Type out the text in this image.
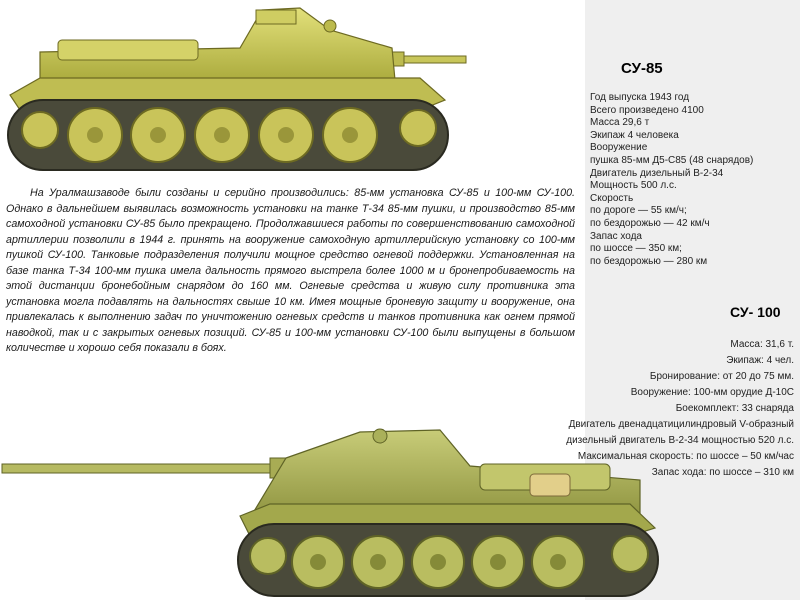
СУ-85
Год выпуска 1943 год
Всего произведено 4100
Масса 29,6 т
Экипаж 4 человека
Вооружение
пушка 85-мм Д5-С85 (48 снарядов)
Двигатель дизельный В-2-34
Мощность 500 л.с.
Скорость
по дороге — 55 км/ч;
по бездорожью — 42 км/ч
Запас хода
по шоссе — 350 км;
по бездорожью — 280 км
На Уралмашзаводе были созданы и серийно производились: 85-мм установка СУ-85 и 100-мм СУ-100. Однако в дальнейшем выявилась возможность установки на танке Т-34 85-мм пушки, и производство 85-мм самоходной установки СУ-85 было прекращено. Продолжавшиеся работы по совершенствованию самоходной артиллерии позволили в 1944 г. принять на вооружение самоходную артиллерийскую установку со 100-мм пушкой СУ-100. Танковые подразделения получили мощное средство огневой поддержки. Установленная на базе танка Т-34 100-мм пушка имела дальность прямого выстрела более 1000 м и бронепробиваемость на этой дистанции бронебойным снарядом до 160 мм. Огневые средства и живую силу противника эта установка могла подавлять на дальностях свыше 10 км. Имея мощные броневую защиту и вооружение, она привлекалась к выполнению задач по уничтожению огневых средств и танков противника как огнем прямой наводкой, так и с закрытых огневых позиций. СУ-85 и 100-мм установки СУ-100 были выпущены в большом количестве и хорошо себя показали в боях.
СУ- 100
Масса: 31,6 т.
Экипаж: 4 чел.
Бронирование: от 20 до 75 мм.
Вооружение: 100-мм орудие Д-10С
Боекомплект: 33 снаряда
Двигатель двенадцатицилиндровый V-образный
дизельный двигатель В-2-34 мощностью 520 л.с.
Максимальная скорость: по шоссе – 50 км/час
Запас хода: по шоссе – 310 км
